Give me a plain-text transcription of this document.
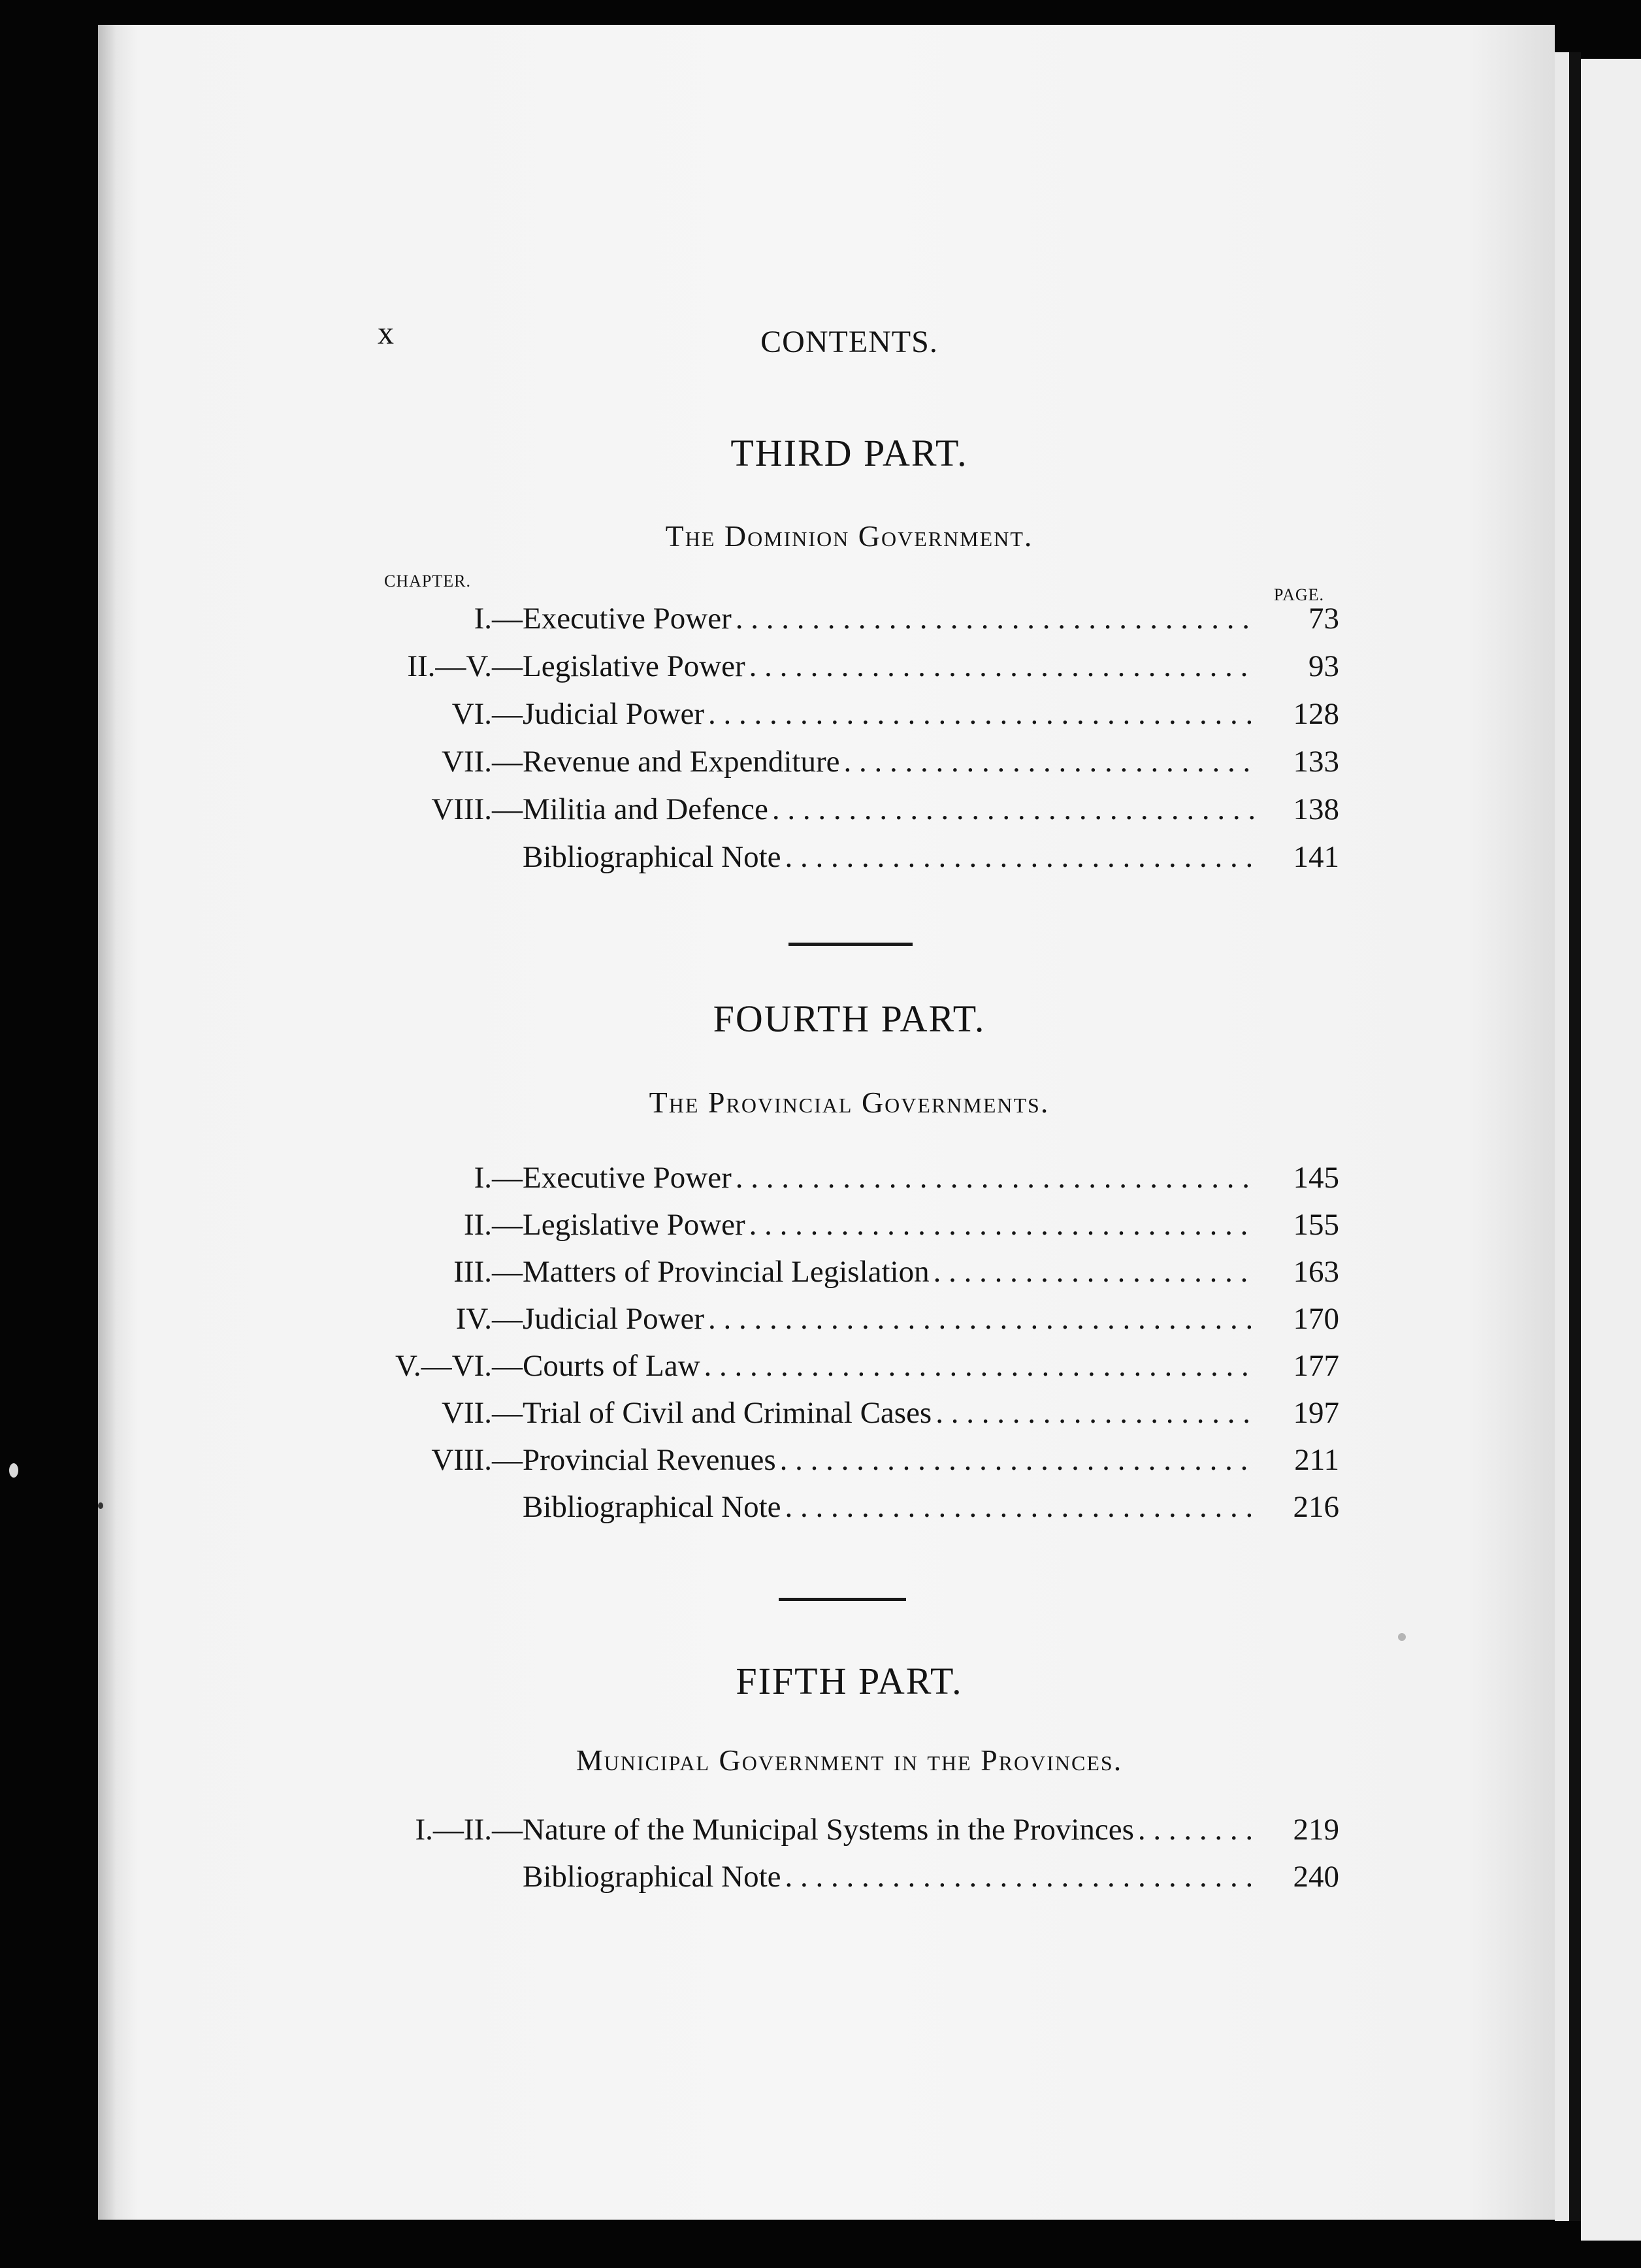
x	CONTENTS.
THIRD PART.
The Dominion Government.
CHAPTER.
PAGE.
I.— Executive Power . . .	73
II.—V.— Legislative Power . . .	93
VI.— Judicial Power . . .	128
VII.— Revenue and Expenditure . . .	133
VIII.— Militia and Defence . . .	138
Bibliographical Note . . .	141
FOURTH PART.
The Provincial Governments.
I.— Executive Power . . .	145
II.— Legislative Power . . .	155
III.— Matters of Provincial Legislation . . .	163
IV.— Judicial Power . . .	170
V.—VI.— Courts of Law . . .	177
VII.— Trial of Civil and Criminal Cases . . .	197
VIII.— Provincial Revenues . . .	211
Bibliographical Note . . .	216
FIFTH PART.
Municipal Government in the Provinces.
I.—II.— Nature of the Municipal Systems in the Provinces . . .	219
Bibliographical Note . . .	240
